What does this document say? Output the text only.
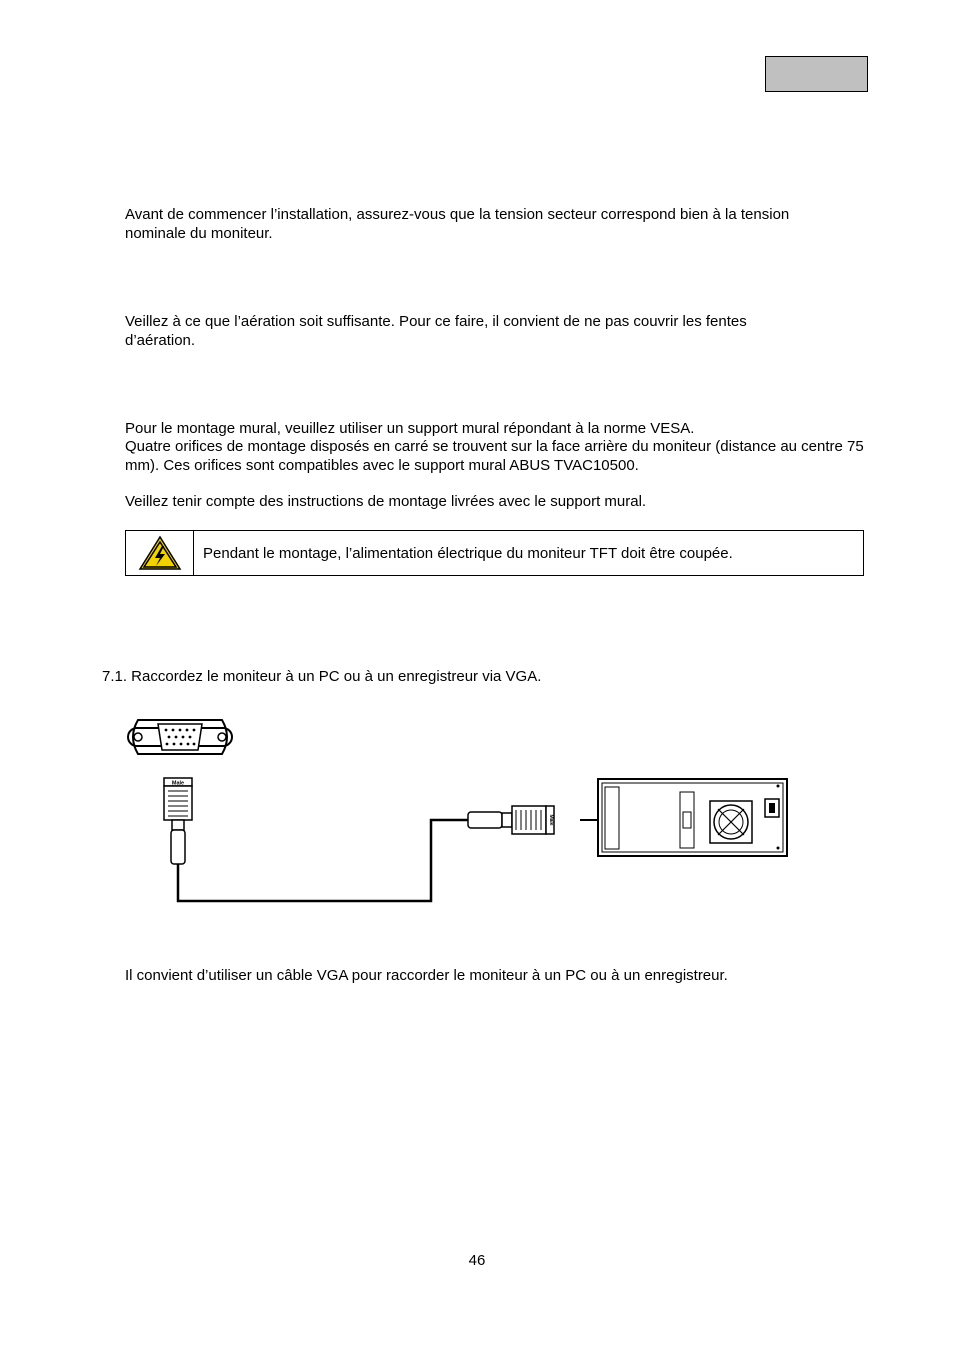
Avant de commencer l’installation, assurez-vous que la tension secteur correspond bien à la tension nominale du moniteur.

Veillez à ce que l’aération soit suffisante. Pour ce faire, il convient de ne pas couvrir les fentes d’aération.

Pour le montage mural, veuillez utiliser un support mural répondant à la norme VESA.

Quatre orifices de montage disposés en carré se trouvent sur la face arrière du moniteur (distance au centre 75 mm). Ces orifices sont compatibles avec le support mural ABUS TVAC10500.

Veillez tenir compte des instructions de montage livrées avec le support mural.

Pendant le montage, l’alimentation électrique du moniteur TFT doit être coupée.

7.1. Raccordez le moniteur à un PC ou à un enregistreur via VGA.

Male
Male

Il convient d’utiliser un câble VGA pour raccorder le moniteur à un PC ou à un enregistreur.

46
